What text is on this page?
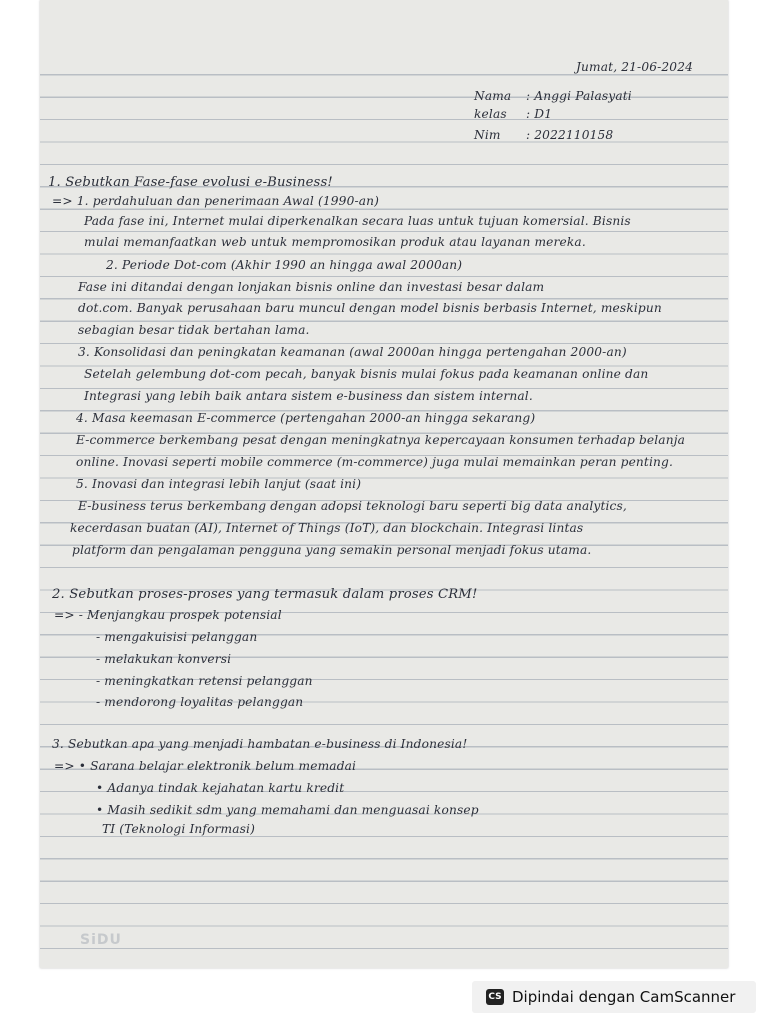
Jumat, 21-06-2024
Nama : Anggi Palasyati
kelas : D1
Nim : 2022110158
1. Sebutkan Fase-fase evolusi e-Business!
=> 1. perdahuluan dan penerimaan Awal (1990-an)
Pada fase ini, Internet mulai diperkenalkan secara luas untuk tujuan komersial. Bisnis
mulai memanfaatkan web untuk mempromosikan produk atau layanan mereka.
2. Periode Dot-com (Akhir 1990 an hingga awal 2000an)
Fase ini ditandai dengan lonjakan bisnis online dan investasi besar dalam
dot.com. Banyak perusahaan baru muncul dengan model bisnis berbasis Internet, meskipun
sebagian besar tidak bertahan lama.
3. Konsolidasi dan peningkatan keamanan (awal 2000an hingga pertengahan 2000-an)
Setelah gelembung dot-com pecah, banyak bisnis mulai fokus pada keamanan online dan
Integrasi yang lebih baik antara sistem e-business dan sistem internal.
4. Masa keemasan E-commerce (pertengahan 2000-an hingga sekarang)
E-commerce berkembang pesat dengan meningkatnya kepercayaan konsumen terhadap belanja
online. Inovasi seperti mobile commerce (m-commerce) juga mulai memainkan peran penting.
5. Inovasi dan integrasi lebih lanjut (saat ini)
E-business terus berkembang dengan adopsi teknologi baru seperti big data analytics,
kecerdasan buatan (AI), Internet of Things (IoT), dan blockchain. Integrasi lintas
platform dan pengalaman pengguna yang semakin personal menjadi fokus utama.
2. Sebutkan proses-proses yang termasuk dalam proses CRM!
=> - Menjangkau prospek potensial
- mengakuisisi pelanggan
- melakukan konversi
- meningkatkan retensi pelanggan
- mendorong loyalitas pelanggan
3. Sebutkan apa yang menjadi hambatan e-business di Indonesia!
=> • Sarana belajar elektronik belum memadai
• Adanya tindak kejahatan kartu kredit
• Masih sedikit sdm yang memahami dan menguasai konsep
TI (Teknologi Informasi)
SiDU
CS Dipindai dengan CamScanner
